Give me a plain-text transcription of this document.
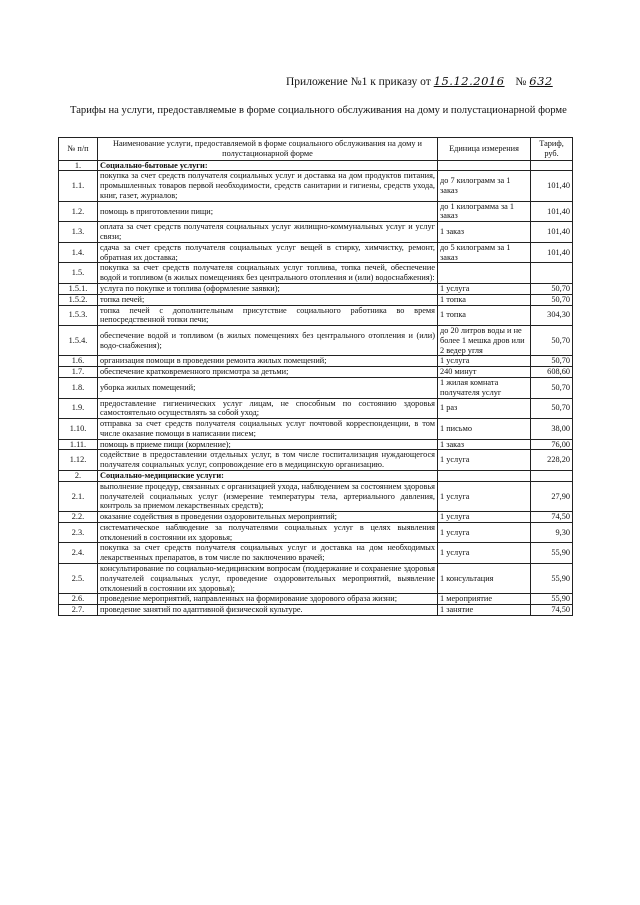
Приложение №1 к приказу от 15.12.2016 № 632
Тарифы на услуги, предоставляемые в форме социального обслуживания на дому и полустационарной форме
№ п/п	Наименование услуги, предоставляемой в форме социального обслуживания на дому и полустационарной форме	Единица измерения	Тариф, руб.
1.	Социально-бытовые услуги:		
1.1.	покупка за счет средств получателя социальных услуг и доставка на дом продуктов питания, промышленных товаров первой необходимости, средств санитарии и гигиены, средств ухода, книг, газет, журналов;	до 7 килограмм за 1 заказ	101,40
1.2.	помощь в приготовлении пищи;	до 1 килограмма за 1 заказ	101,40
1.3.	оплата за счет средств получателя социальных услуг жилищно-коммунальных услуг и услуг связи;	1 заказ	101,40
1.4.	сдача за счет средств получателя социальных услуг вещей в стирку, химчистку, ремонт, обратная их доставка;	до 5 килограмм за 1 заказ	101,40
1.5.	покупка за счет средств получателя социальных услуг топлива, топка печей, обеспечение водой и топливом (в жилых помещениях без центрального отопления и (или) водоснабжения):		
1.5.1.	услуга по покупке и топлива (оформление заявки);	1 услуга	50,70
1.5.2.	топка печей;	1 топка	50,70
1.5.3.	топка печей с дополнительным присутствие социального работника во время непосредственной топки печи;	1 топка	304,30
1.5.4.	обеспечение водой и топливом (в жилых помещениях без центрального отопления и (или) водо-снабжения);	до 20 литров воды и не более 1 мешка дров или 2 ведер угля	50,70
1.6.	организация помощи в проведении ремонта жилых помещений;	1 услуга	50,70
1.7.	обеспечение кратковременного присмотра за детьми;	240 минут	608,60
1.8.	уборка жилых помещений;	1 жилая комната получателя услуг	50,70
1.9.	предоставление гигиенических услуг лицам, не способным по состоянию здоровья самостоятельно осуществлять за собой уход;	1 раз	50,70
1.10.	отправка за счет средств получателя социальных услуг почтовой корреспонденции, в том числе оказание помощи в написании писем;	1 письмо	38,00
1.11.	помощь в приеме пищи (кормление);	1 заказ	76,00
1.12.	содействие в предоставлении отдельных услуг, в том числе госпитализация нуждающегося получателя социальных услуг, сопровождение его в медицинскую организацию.	1 услуга	228,20
2.	Социально-медицинские услуги:		
2.1.	выполнение процедур, связанных с организацией ухода, наблюдением за состоянием здоровья получателей социальных услуг (измерение температуры тела, артериального давления, контроль за приемом лекарственных средств);	1 услуга	27,90
2.2.	оказание содействия в проведении оздоровительных мероприятий;	1 услуга	74,50
2.3.	систематическое наблюдение за получателями социальных услуг в целях выявления отклонений в состоянии их здоровья;	1 услуга	9,30
2.4.	покупка за счет средств получателя социальных услуг и доставка на дом необходимых лекарственных препаратов, в том числе по заключению врачей;	1 услуга	55,90
2.5.	консультирование по социально-медицинским вопросам (поддержание и сохранение здоровья получателей социальных услуг, проведение оздоровительных мероприятий, выявление отклонений в состоянии их здоровья);	1 консультация	55,90
2.6.	проведение мероприятий, направленных на формирование здорового образа жизни;	1 мероприятие	55,90
2.7.	проведение занятий по адаптивной физической культуре.	1 занятие	74,50
